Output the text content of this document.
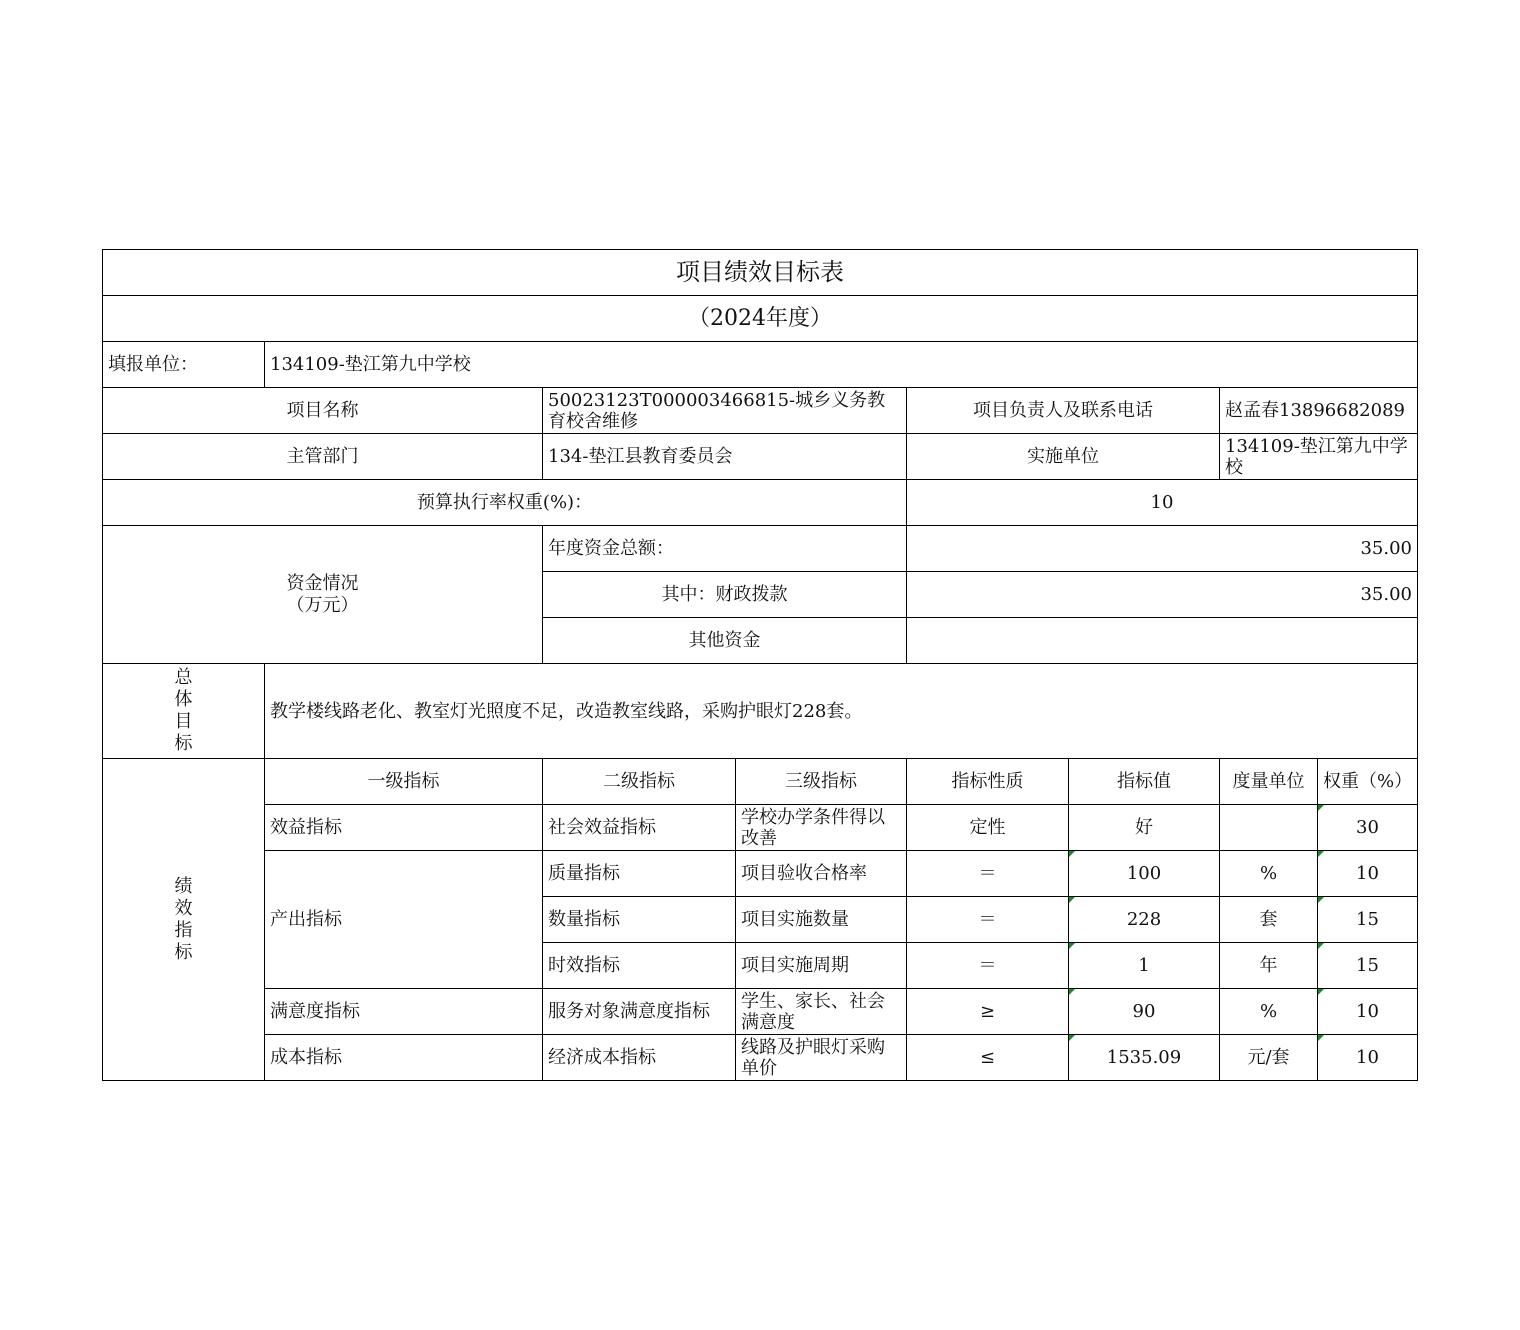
项目绩效目标表							
（2024年度）							
填报单位：	134109-垫江第九中学校						
项目名称		50023123T000003466815-城乡义务教育校舍维修		项目负责人及联系电话		赵孟春13896682089	
主管部门		134-垫江县教育委员会		实施单位		134109-垫江第九中学校	
预算执行率权重(%)：				10			
资金情况
（万元）		年度资金总额：		35.00			
		其中：财政拨款		35.00			
		其他资金					
总
体
目
标	教学楼线路老化、教室灯光照度不足，改造教室线路，采购护眼灯228套。						
绩
效
指
标	一级指标	二级指标	三级指标	指标性质	指标值	度量单位	权重（%）
	效益指标	社会效益指标	学校办学条件得以改善	定性	好		30
	产出指标	质量指标	项目验收合格率	＝	100	%	10
		数量指标	项目实施数量	＝	228	套	15
		时效指标	项目实施周期	＝	1	年	15
	满意度指标	服务对象满意度指标	学生、家长、社会满意度	≥	90	%	10
	成本指标	经济成本指标	线路及护眼灯采购单价	≤	1535.09	元/套	10
